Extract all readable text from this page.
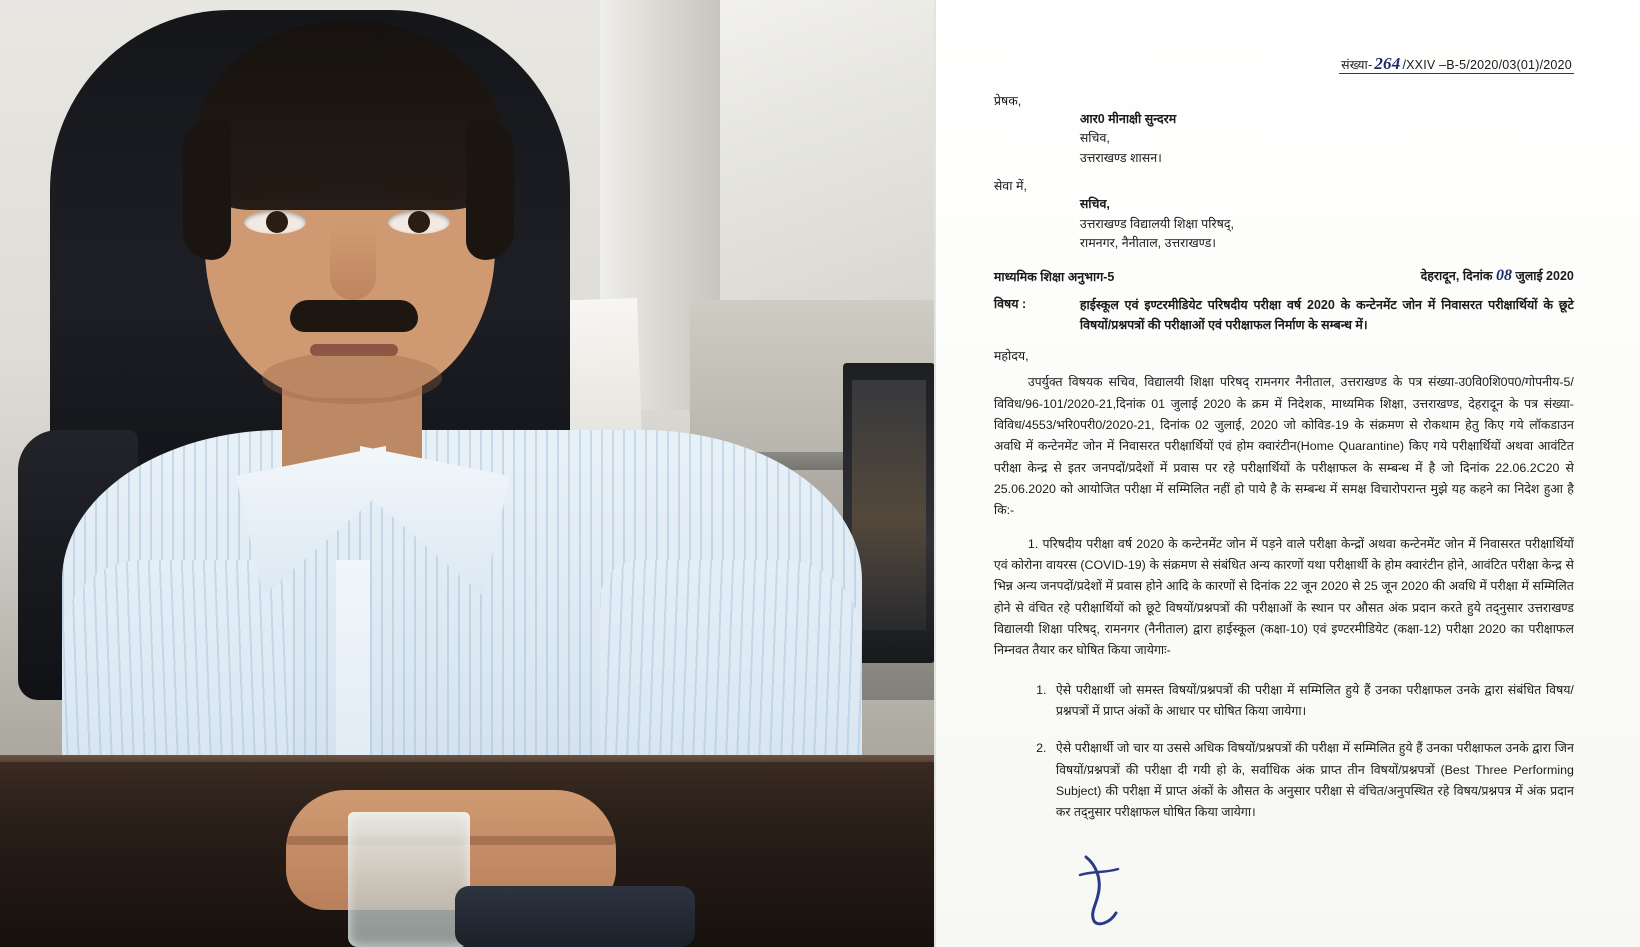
संख्या- 264 /XXIV –B-5/2020/03(01)/2020
प्रेषक,
आर0 मीनाक्षी सुन्दरम
सचिव,
उत्तराखण्ड शासन।
सेवा में,
सचिव,
उत्तराखण्ड विद्यालयी शिक्षा परिषद्,
रामनगर, नैनीताल, उत्तराखण्ड।
माध्यमिक शिक्षा अनुभाग-5	देहरादून, दिनांक 08 जुलाई 2020
विषय :	हाईस्कूल एवं इण्टरमीडियेट परिषदीय परीक्षा वर्ष 2020 के कन्टेनमेंट जोन में निवासरत परीक्षार्थियों के छूटे विषयों/प्रश्नपत्रों की परीक्षाओं एवं परीक्षाफल निर्माण के सम्बन्ध में।
महोदय,

उपर्युक्त विषयक सचिव, विद्यालयी शिक्षा परिषद् रामनगर नैनीताल, उत्तराखण्ड के पत्र संख्या-उ0वि0शि0प0/गोपनीय-5/विविध/96-101/2020-21,दिनांक 01 जुलाई 2020 के क्रम में निदेशक, माध्यमिक शिक्षा, उत्तराखण्ड, देहरादून के पत्र संख्या-विविध/4553/भरि0परी0/2020-21, दिनांक 02 जुलाई, 2020 जो कोविड-19 के संक्रमण से रोकथाम हेतु किए गये लॉकडाउन अवधि में कन्टेनमेंट जोन में निवासरत परीक्षार्थियों एवं होम क्वारंटीन(Home Quarantine) किए गये परीक्षार्थियों अथवा आवंटित परीक्षा केन्द्र से इतर जनपदों/प्रदेशों में प्रवास पर रहे परीक्षार्थियों के परीक्षाफल के सम्बन्ध में है जो दिनांक 22.06.2C20 से 25.06.2020 को आयोजित परीक्षा में सम्मिलित नहीं हो पाये है के सम्बन्ध में समक्ष विचारोपरान्त मुझे यह कहने का निदेश हुआ है कि:-

1. परिषदीय परीक्षा वर्ष 2020 के कन्टेनमेंट जोन में पड़ने वाले परीक्षा केन्द्रों अथवा कन्टेनमेंट जोन में निवासरत परीक्षार्थियों एवं कोरोना वायरस (COVID-19) के संक्रमण से संबंधित अन्य कारणों यथा परीक्षार्थी के होम क्वारंटीन होने, आवंटित परीक्षा केन्द्र से भिन्न अन्य जनपदों/प्रदेशों में प्रवास होने आदि के कारणों से दिनांक 22 जून 2020 से 25 जून 2020 की अवधि में परीक्षा में सम्मिलित होने से वंचित रहे परीक्षार्थियों को छूटे विषयों/प्रश्नपत्रों की परीक्षाओं के स्थान पर औसत अंक प्रदान करते हुये तद्नुसार उत्तराखण्ड विद्यालयी शिक्षा परिषद्, रामनगर (नैनीताल) द्वारा हाईस्कूल (कक्षा-10) एवं इण्टरमीडियेट (कक्षा-12) परीक्षा 2020 का परीक्षाफल निम्नवत तैयार कर घोषित किया जायेगाः-

1. ऐसे परीक्षार्थी जो समस्त विषयों/प्रश्नपत्रों की परीक्षा में सम्मिलित हुये हैं उनका परीक्षाफल उनके द्वारा संबंधित विषय/प्रश्नपत्रों में प्राप्त अंकों के आधार पर घोषित किया जायेगा।
2. ऐसे परीक्षार्थी जो चार या उससे अधिक विषयों/प्रश्नपत्रों की परीक्षा में सम्मिलित हुये हैं उनका परीक्षाफल उनके द्वारा जिन विषयों/प्रश्नपत्रों की परीक्षा दी गयी हो के, सर्वाधिक अंक प्राप्त तीन विषयों/प्रश्नपत्रों (Best Three Performing Subject) की परीक्षा में प्राप्त अंकों के औसत के अनुसार परीक्षा से वंचित/अनुपस्थित रहे विषय/प्रश्नपत्र में अंक प्रदान कर तद्नुसार परीक्षाफल घोषित किया जायेगा।
